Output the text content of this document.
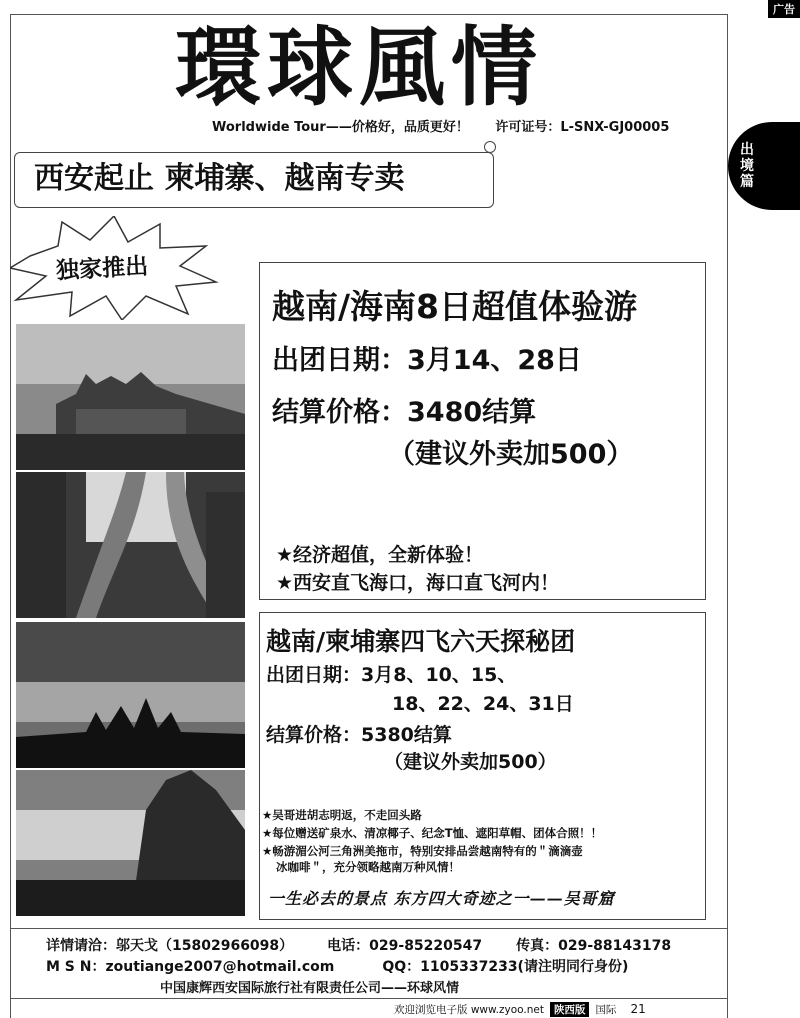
广告
出境篇
環球風情
Worldwide Tour——价格好，品质更好！ 许可证号：L-SNX-GJ00005
西安起止 柬埔寨、越南专卖
独家推出
越南/海南8日超值体验游
出团日期：3月14、28日
结算价格：3480结算
（建议外卖加500）
★经济超值，全新体验！
★西安直飞海口，海口直飞河内！
越南/柬埔寨四飞六天探秘团
出团日期：3月8、10、15、
18、22、24、31日
结算价格：5380结算
（建议外卖加500）
★吴哥进胡志明返，不走回头路
★每位赠送矿泉水、清凉椰子、纪念T恤、遮阳草帽、团体合照！！
★畅游湄公河三角洲美拖市，特别安排品尝越南特有的＂滴滴壶
冰咖啡＂，充分领略越南万种风情！
一生必去的景点 东方四大奇迹之一——吴哥窟
详情请洽：邬天戈（15802966098） 电话：029-85220547 传真：029-88143178
M S N：zoutiange2007@hotmail.com	QQ：1105337233(请注明同行身份)
中国康辉西安国际旅行社有限责任公司——环球风情
欢迎浏览电子版 www.zyoo.net 陕西版 国际 21
